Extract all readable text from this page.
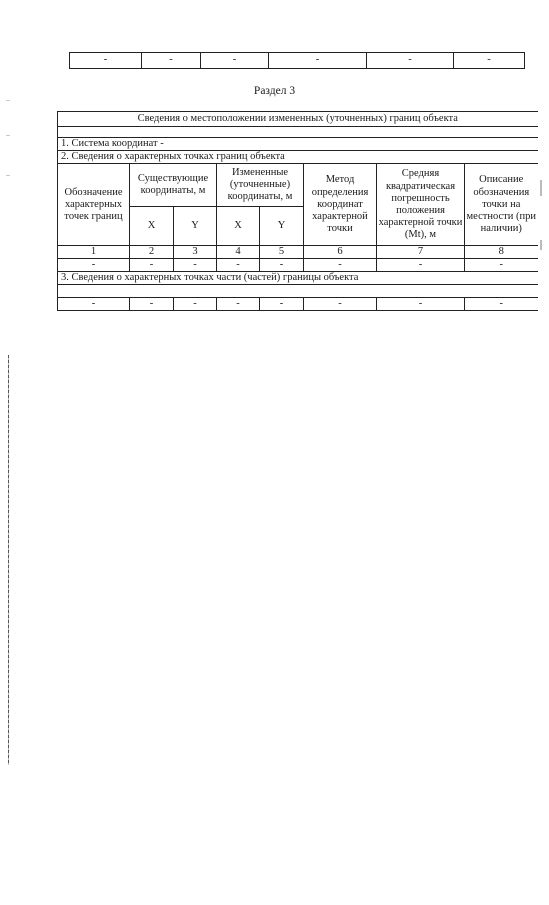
-	-	-	-	-	-
Раздел 3
Сведения о местоположении измененных (уточненных) границ объекта							

1. Система координат -							
2. Сведения о характерных точках границ объекта							
Обозначение характерных точек границ	Существующие координаты, м		Измененные (уточненные) координаты, м		Метод определения координат характерной точки	Средняя квадратическая погрешность положения характерной точки (Mt), м	Описание обозначения точки на местности (при наличии)
	X	Y	X	Y			
1	2	3	4	5	6	7	8
-	-	-	-	-	-	-	-
3. Сведения о характерных точках части (частей) границы объекта							

-	-	-	-	-	-	-	-
